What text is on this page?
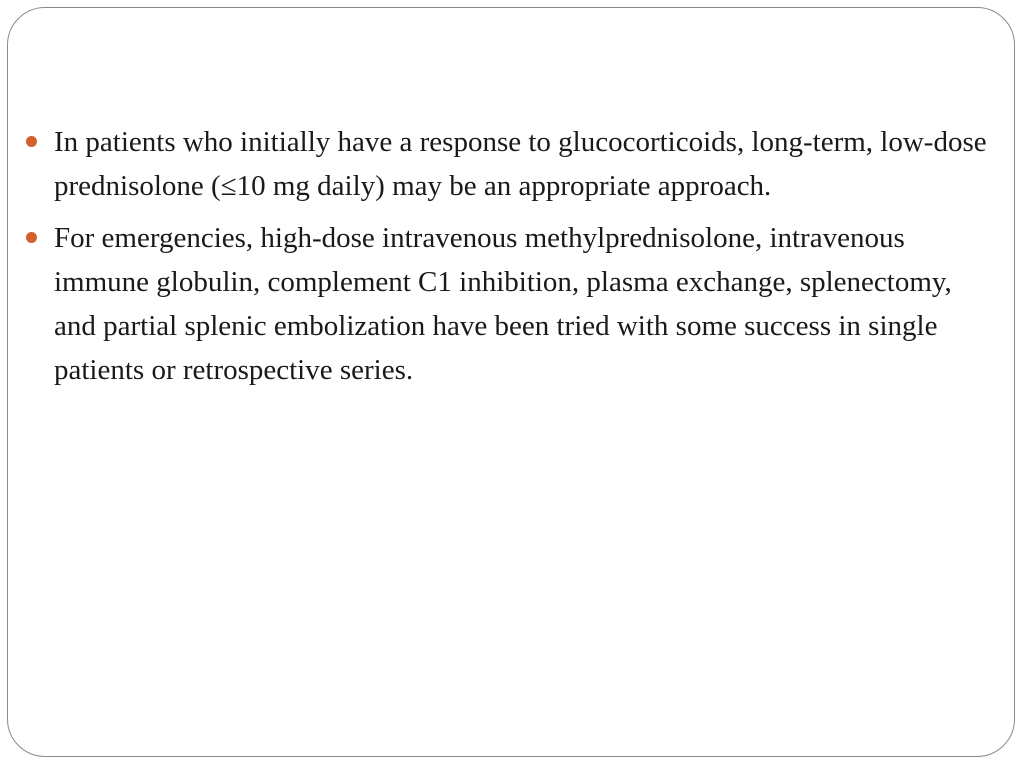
In patients who initially have a response to glucocorticoids, long-term, low-dose prednisolone (≤10 mg daily) may be an appropriate approach.
For emergencies, high-dose intravenous methylprednisolone, intravenous immune globulin, complement C1 inhibition, plasma exchange, splenectomy, and partial splenic embolization have been tried with some success in single patients or retrospective series.
